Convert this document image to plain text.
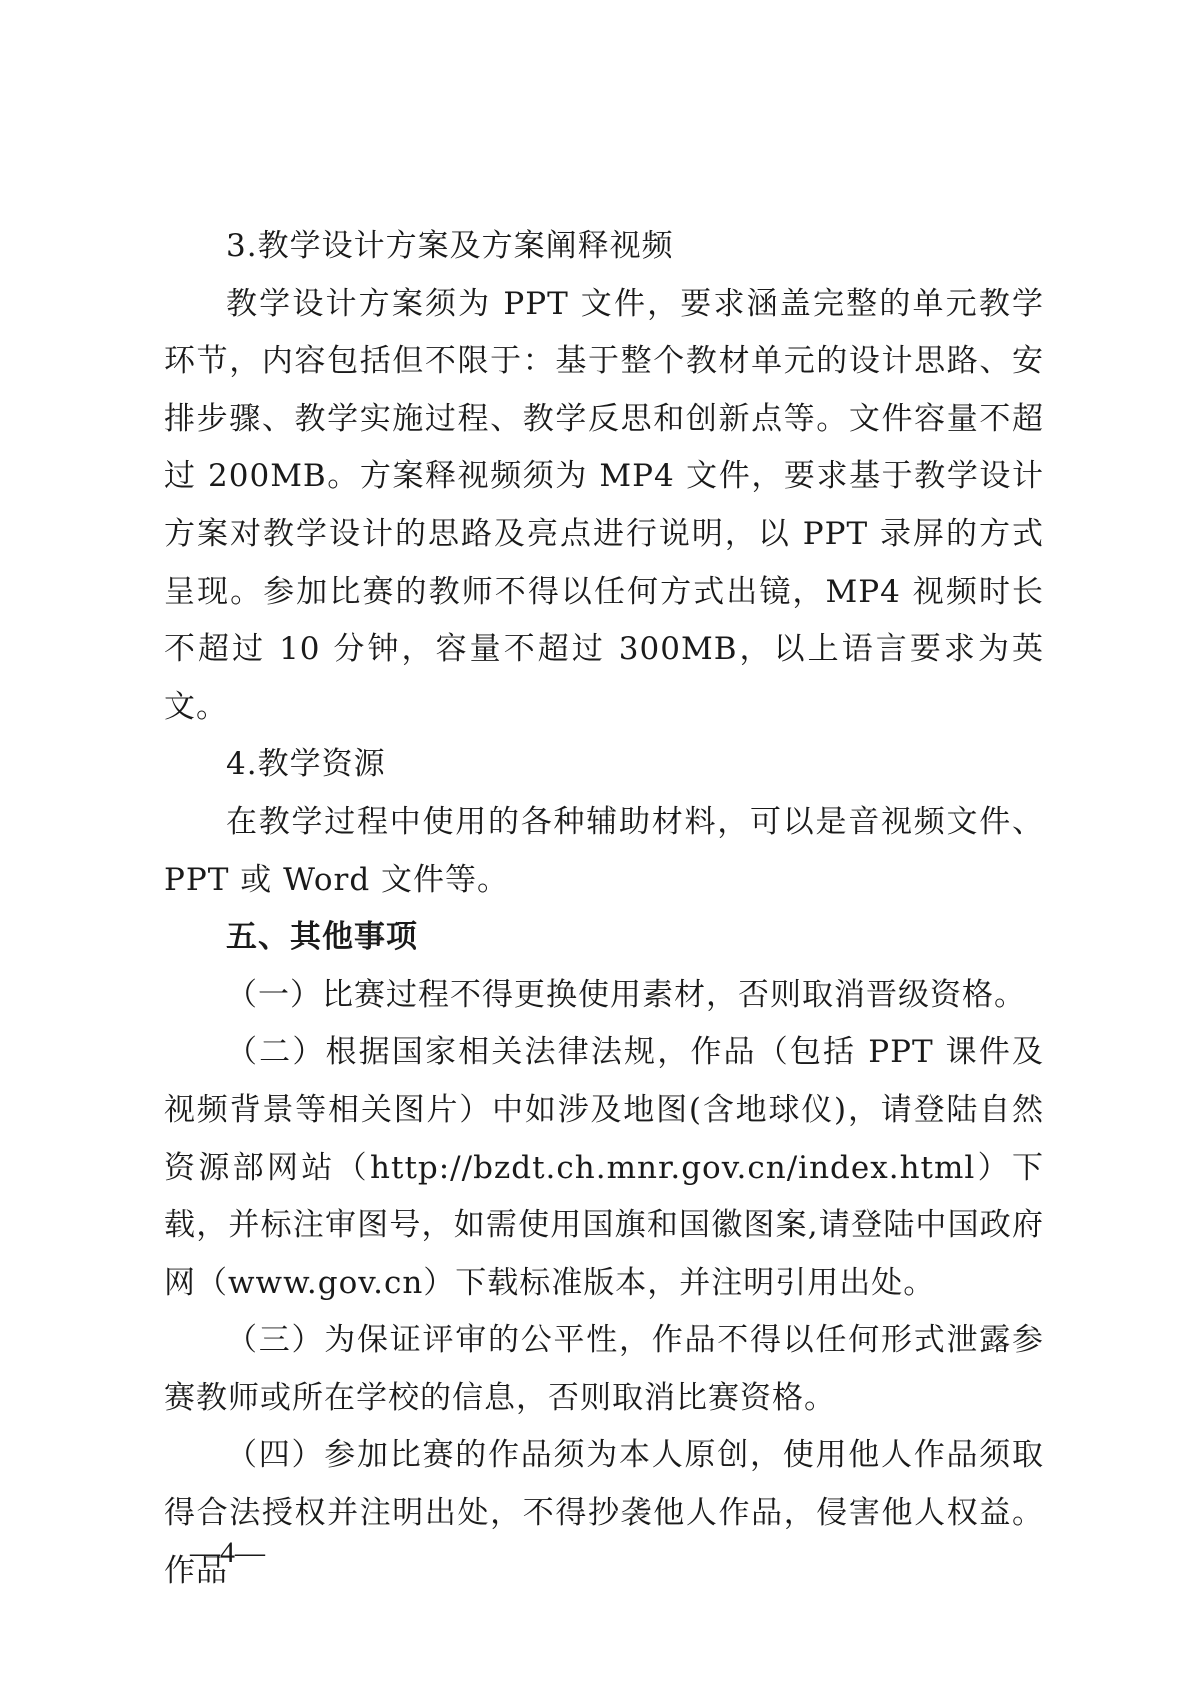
3.教学设计方案及方案阐释视频

教学设计方案须为 PPT 文件，要求涵盖完整的单元教学环节，内容包括但不限于：基于整个教材单元的设计思路、安排步骤、教学实施过程、教学反思和创新点等。文件容量不超过 200MB。方案释视频须为 MP4 文件，要求基于教学设计方案对教学设计的思路及亮点进行说明，以 PPT 录屏的方式呈现。参加比赛的教师不得以任何方式出镜，MP4 视频时长不超过 10 分钟，容量不超过 300MB，以上语言要求为英文。

4.教学资源

在教学过程中使用的各种辅助材料，可以是音视频文件、PPT 或 Word 文件等。

五、其他事项

（一）比赛过程不得更换使用素材，否则取消晋级资格。

（二）根据国家相关法律法规，作品（包括 PPT 课件及视频背景等相关图片）中如涉及地图(含地球仪)，请登陆自然资源部网站（http://bzdt.ch.mnr.gov.cn/index.html）下载，并标注审图号，如需使用国旗和国徽图案,请登陆中国政府网（www.gov.cn）下载标准版本，并注明引用出处。

（三）为保证评审的公平性，作品不得以任何形式泄露参赛教师或所在学校的信息，否则取消比赛资格。

（四）参加比赛的作品须为本人原创，使用他人作品须取得合法授权并注明出处，不得抄袭他人作品，侵害他人权益。作品

—4—
